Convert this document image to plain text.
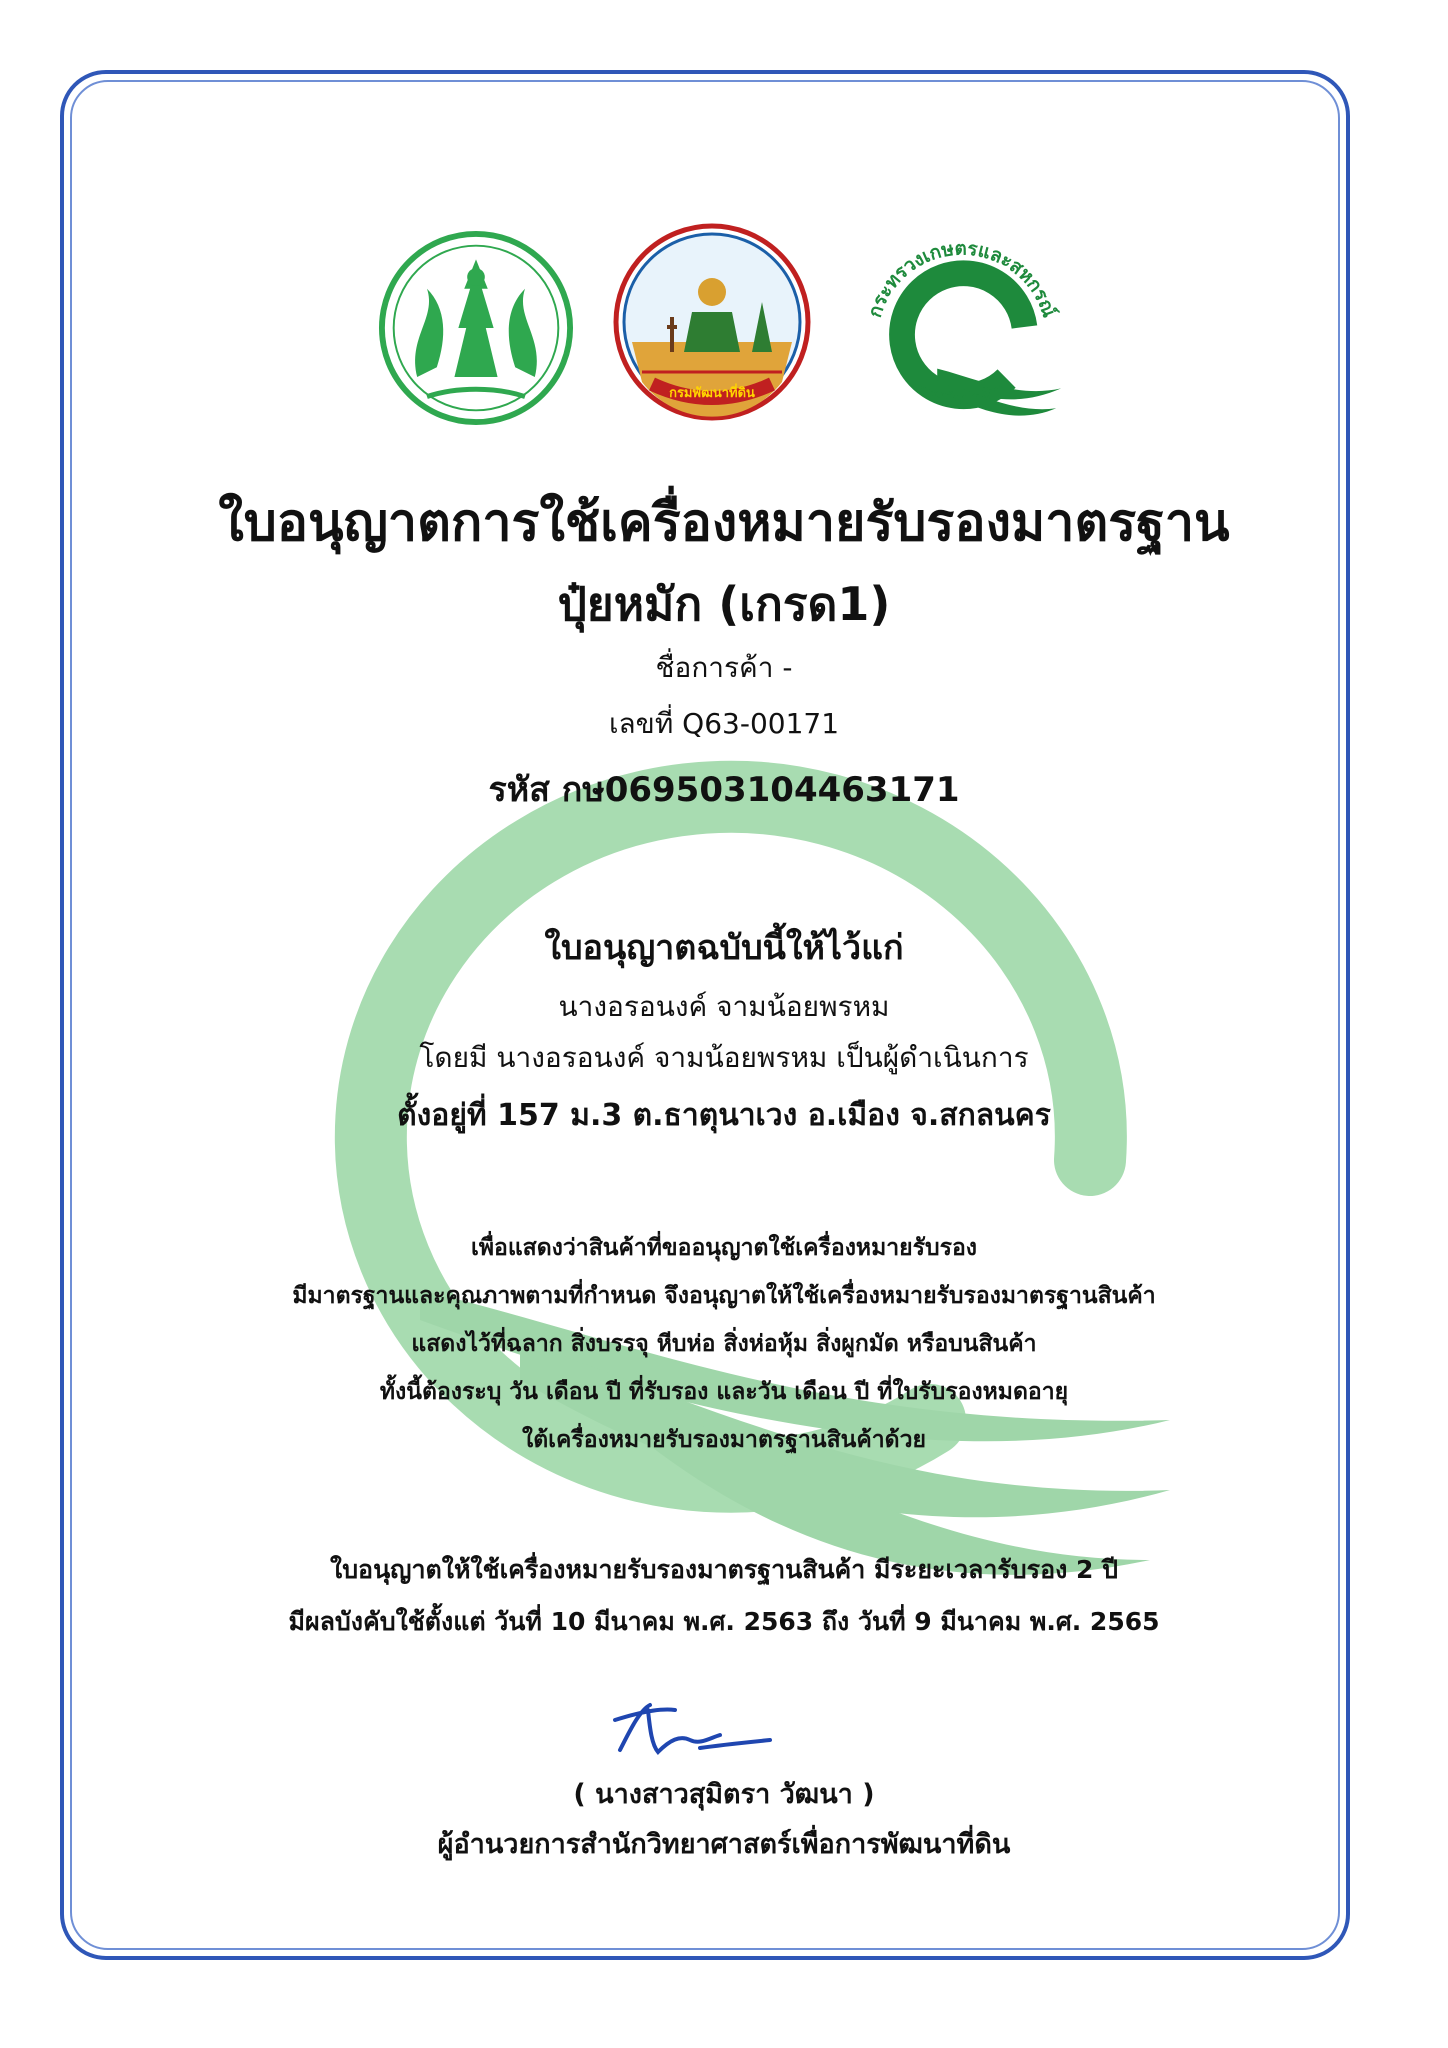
กรมพัฒนาที่ดิน
กระทรวงเกษตรและสหกรณ์
กรมพัฒนาที่ดิน
ใบอนุญาตการใช้เครื่องหมายรับรองมาตรฐาน
ปุ๋ยหมัก (เกรด1)
ชื่อการค้า -
เลขที่ Q63-00171
รหัส กษ069503104463171
ใบอนุญาตฉบับนี้ให้ไว้แก่
นางอรอนงค์ จามน้อยพรหม
โดยมี นางอรอนงค์ จามน้อยพรหม เป็นผู้ดำเนินการ
ตั้งอยู่ที่ 157 ม.3 ต.ธาตุนาเวง อ.เมือง จ.สกลนคร
เพื่อแสดงว่าสินค้าที่ขออนุญาตใช้เครื่องหมายรับรอง
มีมาตรฐานและคุณภาพตามที่กำหนด จึงอนุญาตให้ใช้เครื่องหมายรับรองมาตรฐานสินค้า
แสดงไว้ที่ฉลาก สิ่งบรรจุ หีบห่อ สิ่งห่อหุ้ม สิ่งผูกมัด หรือบนสินค้า
ทั้งนี้ต้องระบุ วัน เดือน ปี ที่รับรอง และวัน เดือน ปี ที่ใบรับรองหมดอายุ
ใต้เครื่องหมายรับรองมาตรฐานสินค้าด้วย
ใบอนุญาตให้ใช้เครื่องหมายรับรองมาตรฐานสินค้า มีระยะเวลารับรอง 2 ปี
มีผลบังคับใช้ตั้งแต่ วันที่ 10 มีนาคม พ.ศ. 2563 ถึง วันที่ 9 มีนาคม พ.ศ. 2565
( นางสาวสุมิตรา วัฒนา )
ผู้อำนวยการสำนักวิทยาศาสตร์เพื่อการพัฒนาที่ดิน
